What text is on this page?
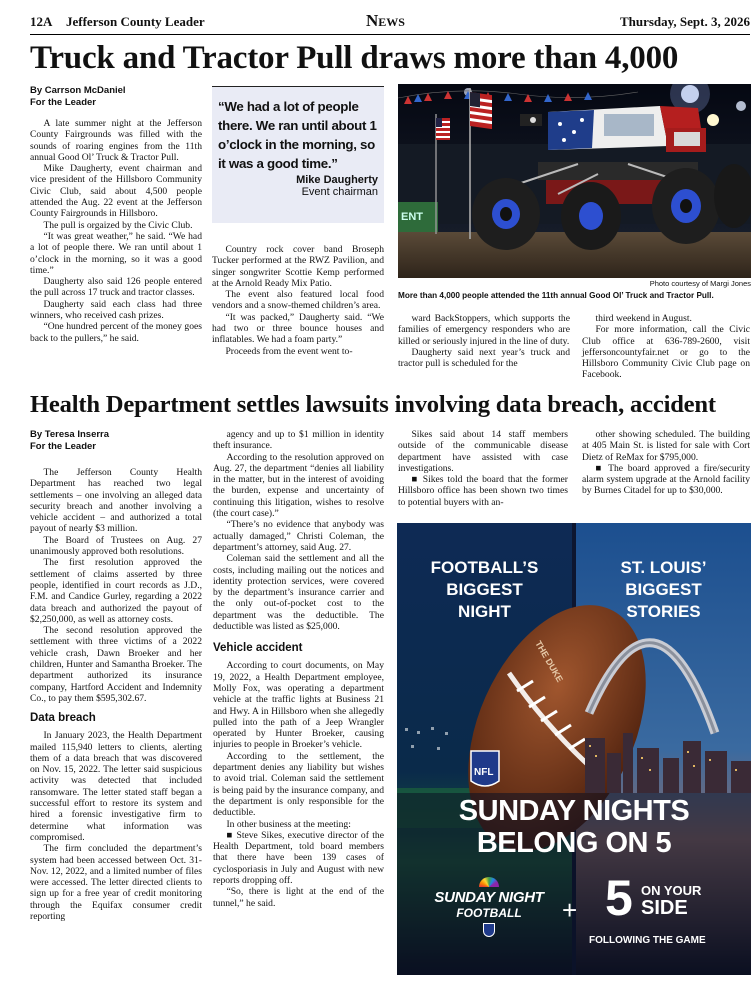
12A Jefferson County Leader	News	Thursday, Sept. 3, 2026
Truck and Tractor Pull draws more than 4,000
By Carrson McDaniel
For the Leader

A late summer night at the Jefferson County Fairgrounds was filled with the sounds of roaring engines from the 11th annual Good Ol’ Truck & Tractor Pull.

Mike Daugherty, event chairman and vice president of the Hillsboro Community Civic Club, said about 4,500 people attended the Aug. 22 event at the Jefferson County Fairgrounds in Hillsboro.

The pull is orgaized by the Civic Club.

“It was great weather,” he said. “We had a lot of people there. We ran until about 1 o’clock in the morning, so it was a good time.”

Daugherty also said 126 people entered the pull across 17 truck and tractor classes.

Daugherty said each class had three winners, who received cash prizes.

“One hundred percent of the money goes back to the pullers,” he said.

“We had a lot of people there. We ran until about 1 o’clock in the morning, so it was a good time.”
Mike Daugherty
Event chairman

Country rock cover band Broseph Tucker performed at the RWZ Pavilion, and singer songwriter Scottie Kemp performed at the Arnold Ready Mix Patio.

The event also featured local food vendors and a snow-themed children’s area.

“It was packed,” Daugherty said. “We had two or three bounce houses and inflatables. We had a foam party.”

Proceeds from the event went to-

ENT
Photo courtesy of Margi Jones
More than 4,000 people attended the 11th annual Good Ol’ Truck and Tractor Pull.

ward BackStoppers, which supports the families of emergency responders who are killed or seriously injured in the line of duty.

Daugherty said next year’s truck and tractor pull is scheduled for the

third weekend in August.

For more information, call the Civic Club office at 636-789-2600, visit jeffersoncountyfair.net or go to the Hillsboro Community Civic Club page on Facebook.

Health Department settles lawsuits involving data breach, accident
By Teresa Inserra
For the Leader

The Jefferson County Health Department has reached two legal settlements – one involving an alleged data security breach and another involving a vehicle accident – and authorized a total payout of nearly $3 million.

The Board of Trustees on Aug. 27 unanimously approved both resolutions.

The first resolution approved the settlement of claims asserted by three people, identified in court records as J.D., F.M. and Candice Gurley, regarding a 2022 data breach and authorized the payout of $2,250,000, as well as attorney costs.

The second resolution approved the settlement with three victims of a 2022 vehicle crash, Dawn Broeker and her children, Hunter and Samantha Broeker. The department authorized its insurance company, Hartford Accident and Indemnity Co., to pay them $595,302.67.

Data breach

In January 2023, the Health Department mailed 115,940 letters to clients, alerting them of a data breach that was discovered on Nov. 15, 2022. The letter said suspicious activity was detected that included ransomware. The letter stated staff began a successful effort to restore its system and hired a forensic investigative firm to determine what information was compromised.

The firm concluded the department’s system had been accessed between Oct. 31-Nov. 12, 2022, and a limited number of files were accessed. The letter directed clients to sign up for a free year of credit monitoring through the Equifax consumer credit reporting

agency and up to $1 million in identity theft insurance.

According to the resolution approved on Aug. 27, the department “denies all liability in the matter, but in the interest of avoiding the burden, expense and uncertainty of continuing this litigation, wishes to resolve (the court case).”

“There’s no evidence that anybody was actually damaged,” Christi Coleman, the department’s attorney, said Aug. 27.

Coleman said the settlement and all the costs, including mailing out the notices and identity protection services, were covered by the department’s insurance carrier and the only out-of-pocket cost to the department was the deductible. The deductible was listed as $25,000.

Vehicle accident

According to court documents, on May 19, 2022, a Health Department employee, Molly Fox, was operating a department vehicle at the traffic lights at Business 21 and Hwy. A in Hillsboro when she allegedly pulled into the path of a Jeep Wrangler operated by Hunter Broeker, causing injuries to people in Broeker’s vehicle.

According to the settlement, the department denies any liability but wishes to avoid trial. Coleman said the settlement is being paid by the insurance company, and the department is only responsible for the deductible.

In other business at the meeting:

■ Steve Sikes, executive director of the Health Department, told board members that there have been 139 cases of cyclosporiasis in July and August with new reports dropping off.

“So, there is light at the end of the tunnel,” he said.

Sikes said about 14 staff members outside of the communicable disease department have assisted with case investigations.

■ Sikes told the board that the former Hillsboro office has been shown two times to potential buyers with an-

other showing scheduled. The building at 405 Main St. is listed for sale with Cort Dietz of ReMax for $795,000.

■ The board approved a fire/security alarm system upgrade at the Arnold facility by Burnes Citadel for up to $30,000.

THE DUKE
NFL
FOOTBALL’S
BIGGEST
NIGHT
ST. LOUIS’
BIGGEST
STORIES
SUNDAY NIGHTS
BELONG ON 5
SUNDAY NIGHT
FOOTBALL	+ 5 ON YOUR
SIDE
FOLLOWING THE GAME
